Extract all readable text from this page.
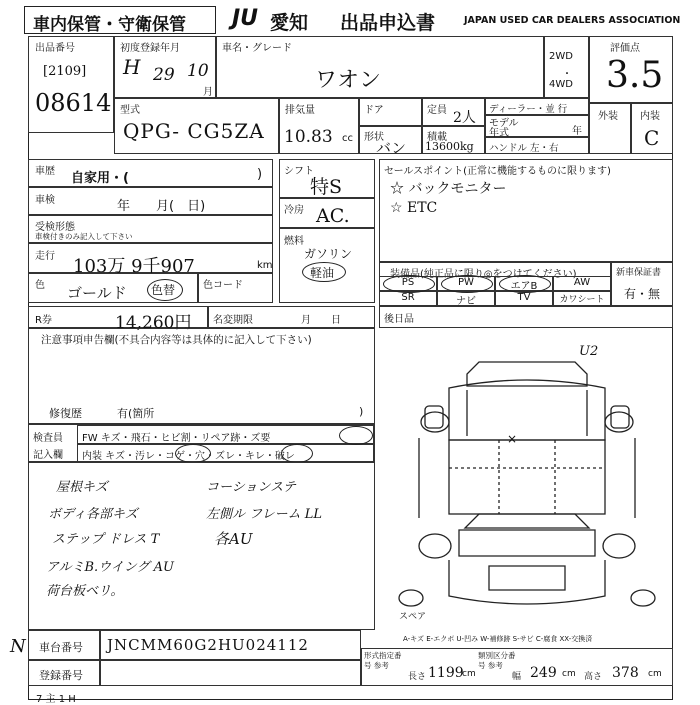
車内保管・守衛保管 JU 愛知 出品申込書	JAPAN USED CAR DEALERS ASSOCIATION
出品番号
[2109]
08614
初度登録年月
H 29 10
月
車名・グレード
ワオン
2WD
・
4WD
評価点
3.5
外装 内装
C
型式
QPG- CG5ZA
排気量
10.83 cc
ドア
形状
バン
定員 2人
積載
13600kg
ディーラー・並 行
モデル 年式	年
ハンドル 左・右
車歴 自家用・(	)
車検	年　　月(　日)
受検形態
車検付きのみ記入して下さい
走行 103万 9千907	km
色 ゴールド 色替	色コード
シフト
特S
冷房 AC.
燃料
ガソリン
軽油
セールスポイント(正常に機能するものに限ります)
☆ バックモニター
☆ ETC
装備品(純正品に限り◎をつけてください)
PS	PW	エアB	AW
SR	ナビ	TV	カワシート
新車保証書
有・無
R券	14,260円 名変期限	月　　日	後日品
注意事項申告欄(不具合内容等は具体的に記入して下さい)
修復歴	有(箇所	)
検査員
記入欄
FW キズ・飛石・ヒビ割・リペア跡・ズ要
内装 キズ・汚レ・コゲ・穴・ズレ・キレ・破レ
屋根キズ	コーションステ
ボディ各部キズ	左側ル フレーム LL
ステップ ドレス T	各AU
アルミB.ウイング AU
荷台板ベリ。
U2
×
スペア
A-キズ E-エクボ U-凹み W-補修跡 S-サビ C-腐食 XX-交換済
N 車台番号 JNCMM60G2HU024112
登録番号
形式指定番号 参考
類別区分番号 参考
長さ 1199
cm	幅 249 cm 高さ 378 cm
7 主 1 H
